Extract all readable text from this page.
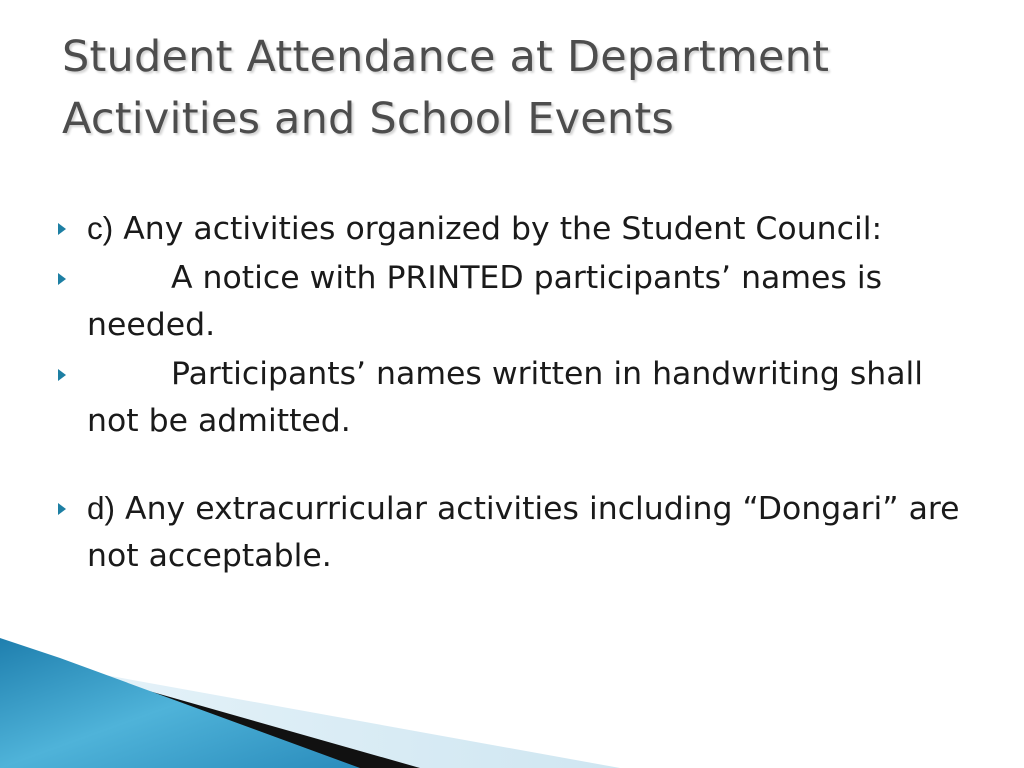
Student Attendance at Department
Activities and School Events
c) Any activities organized by the Student Council:
A notice with PRINTED participants’ names is needed.
Participants’ names written in handwriting shall not be admitted.
d) Any extracurricular activities including “Dongari” are not acceptable.
